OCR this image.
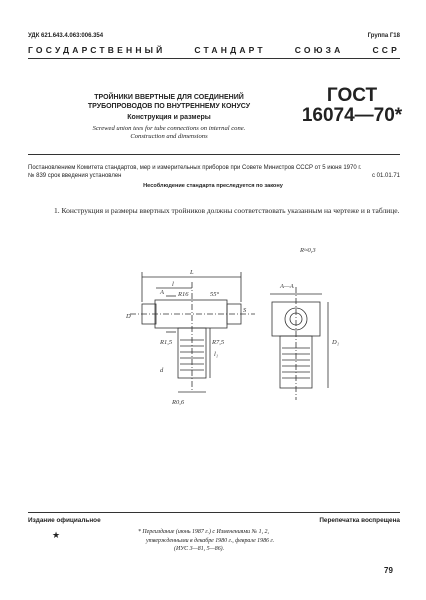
УДК 621.643.4.063:006.354	Группа Г18
ГОСУДАРСТВЕННЫЙ	СТАНДАРТ	СОЮЗА	ССР
ТРОЙНИКИ ВВЕРТНЫЕ ДЛЯ СОЕДИНЕНИЙ
ТРУБОПРОВОДОВ ПО ВНУТРЕННЕМУ КОНУСУ
Конструкция и размеры
Screwed union tees for tube connections on internal cone.
Construction and dimensions
ГОСТ
16074—70*
Постановлением Комитета стандартов, мер и измерительных приборов при Совете Министров СССР от 5 июня 1970 г.
№ 839 срок введения установлен	с 01.01.71
Несоблюдение стандарта преследуется по закону
1. Конструкция и размеры ввертных тройников должны соответствовать указанным на чертеже и в таблице.
L
l
R16	55°
A
S
D
R1,5	R7,5
d
l₁
R0,6
A—A
D₁
R≈0,3
Издание официальное	Перепечатка воспрещена
★	* Переиздание (июнь 1987 г.) с Изменениями № 1, 2,
утвержденными в декабре 1980 г., феврале 1986 г.
(ИУС 3—81, 5—86).
79
